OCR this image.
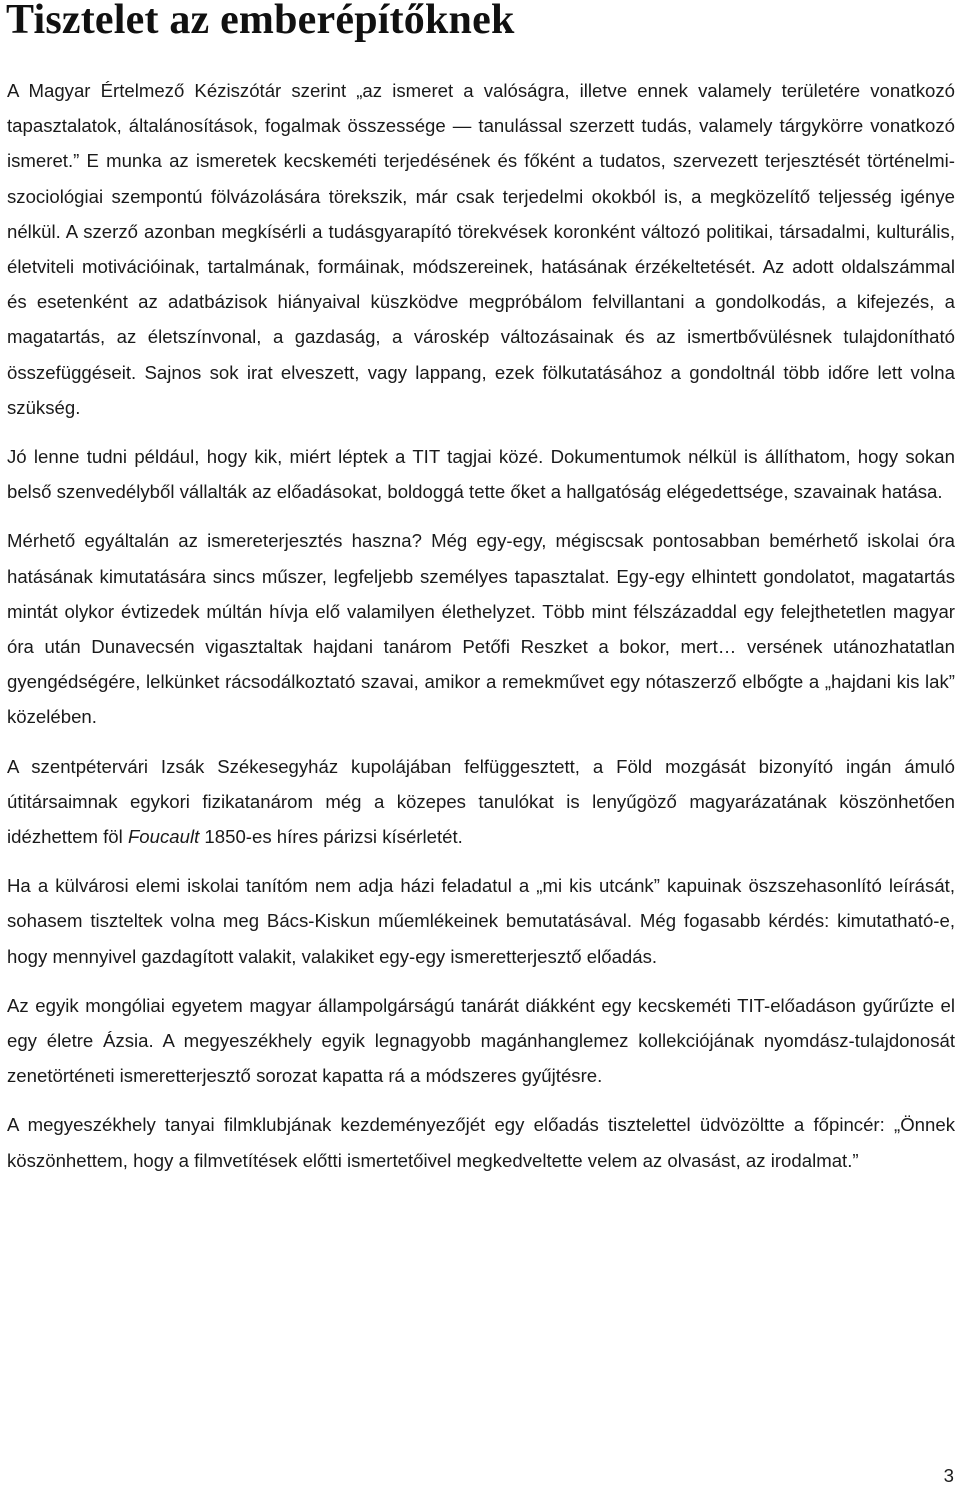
Tisztelet az emberépítőknek

A Magyar Értelmező Kéziszótár szerint „az ismeret a valóságra, illetve ennek valamely területére vonatkozó tapasztalatok, általánosítások, fogalmak összessége — tanulással szerzett tudás, valamely tárgykörre vonatkozó ismeret.” E munka az ismeretek kecskeméti terjedésének és főként a tudatos, szervezett terjesztését történelmi-szociológiai szempontú fölvázolására törekszik, már csak terjedelmi okokból is, a megközelítő teljesség igénye nélkül. A szerző azonban megkísérli a tudásgyarapító törekvések koronként változó politikai, társadalmi, kulturális, életviteli motivációinak, tartalmának, formáinak, módszereinek, hatásának érzékeltetését. Az adott oldalszámmal és esetenként az adatbázisok hiányaival küszködve megpróbálom felvillantani a gondolkodás, a kifejezés, a magatartás, az életszínvonal, a gazdaság, a városkép változásainak és az ismertbővülésnek tulajdonítható összefüggéseit. Sajnos sok irat elveszett, vagy lappang, ezek fölkutatásához a gondoltnál több időre lett volna szükség.

Jó lenne tudni például, hogy kik, miért léptek a TIT tagjai közé. Dokumentumok nélkül is állíthatom, hogy sokan belső szenvedélyből vállalták az előadásokat, boldoggá tette őket a hallgatóság elégedettsége, szavainak hatása.

Mérhető egyáltalán az ismereterjesztés haszna? Még egy-egy, mégiscsak pontosabban bemérhető iskolai óra hatásának kimutatására sincs műszer, legfeljebb személyes tapasztalat. Egy-egy elhintett gondolatot, magatartás mintát olykor évtizedek múltán hívja elő valamilyen élethelyzet. Több mint félszázaddal egy felejthetetlen magyar óra után Dunavecsén vigasztaltak hajdani tanárom Petőfi Reszket a bokor, mert… versének utánozhatatlan gyengédségére, lelkünket rácsodálkoztató szavai, amikor a remekművet egy nótaszerző elbőgte a „hajdani kis lak” közelében.

A szentpétervári Izsák Székesegyház kupolájában felfüggesztett, a Föld mozgását bizonyító ingán ámuló útitársaimnak egykori fizikatanárom még a közepes tanulókat is lenyűgöző magyarázatának köszönhetően idézhettem föl Foucault 1850-es híres párizsi kísérletét.

Ha a külvárosi elemi iskolai tanítóm nem adja házi feladatul a „mi kis utcánk” kapuinak öszszehasonlító leírását, sohasem tiszteltek volna meg Bács-Kiskun műemlékeinek bemutatásával. Még fogasabb kérdés: kimutatható-e, hogy mennyivel gazdagított valakit, valakiket egy-egy ismeretterjesztő előadás.

Az egyik mongóliai egyetem magyar állampolgárságú tanárát diákként egy kecskeméti TIT-előadáson gyűrűzte el egy életre Ázsia. A megyeszékhely egyik legnagyobb magánhanglemez kollekciójának nyomdász-tulajdonosát zenetörténeti ismeretterjesztő sorozat kapatta rá a módszeres gyűjtésre.

A megyeszékhely tanyai filmklubjának kezdeményezőjét egy előadás tisztelettel üdvözöltte a főpincér: „Önnek köszönhettem, hogy a filmvetítések előtti ismertetőivel megkedveltette velem az olvasást, az irodalmat.”

3
